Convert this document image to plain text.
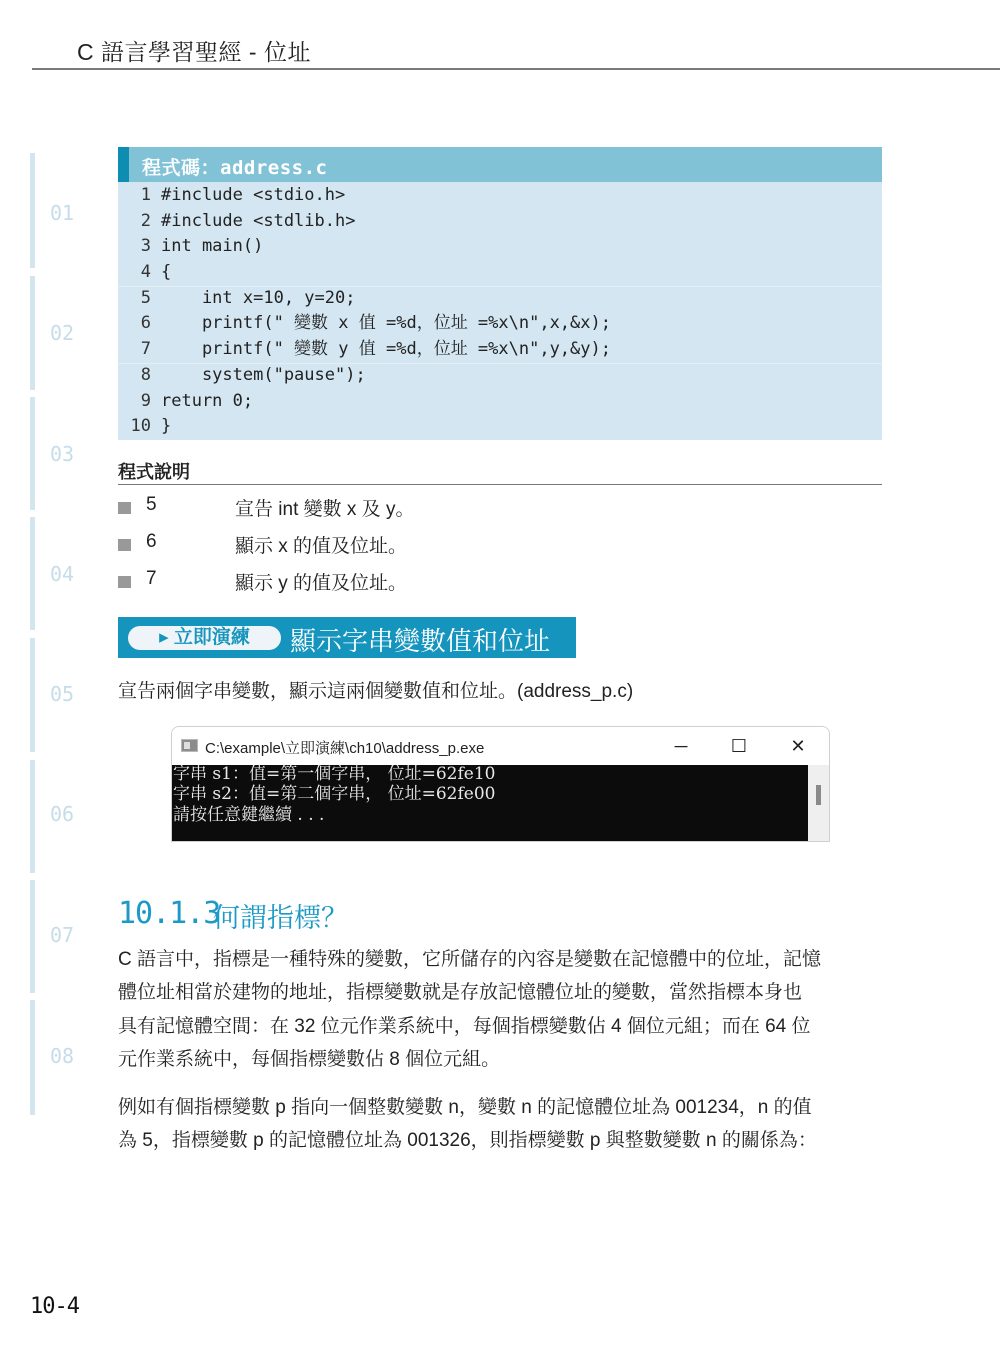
C 語言學習聖經 - 位址
01
02
03
04
05
06
07
08
程式碼：address.c
1 #include <stdio.h>
2 #include <stdlib.h>
3 int main()
4 {
5    int x=10, y=20;
6    printf(" 變數 x 值 =%d，位址 =%x\n",x,&x);
7    printf(" 變數 y 值 =%d，位址 =%x\n",y,&y);
8    system("pause");
9 return 0;
10 }
程式說明
5	宣告 int 變數 x 及 y。
6	顯示 x 的值及位址。
7	顯示 y 的值及位址。
▸ 立即演練	顯示字串變數值和位址
宣告兩個字串變數，顯示這兩個變數值和位址。(address_p.c)
C:\example\立即演練\ch10\address_p.exe	─	☐	✕
字串 s1：值=第一個字串， 位址=62fe10
字串 s2：值=第二個字串， 位址=62fe00
請按任意鍵繼續 . . .
10.1.3
何謂指標？
C 語言中，指標是一種特殊的變數，它所儲存的內容是變數在記憶體中的位址，記憶
體位址相當於建物的地址，指標變數就是存放記憶體位址的變數，當然指標本身也
具有記憶體空間：在 32 位元作業系統中，每個指標變數佔 4 個位元組；而在 64 位
元作業系統中，每個指標變數佔 8 個位元組。
例如有個指標變數 p 指向一個整數變數 n，變數 n 的記憶體位址為 001234，n 的值
為 5，指標變數 p 的記憶體位址為 001326，則指標變數 p 與整數變數 n 的關係為：
10-4
